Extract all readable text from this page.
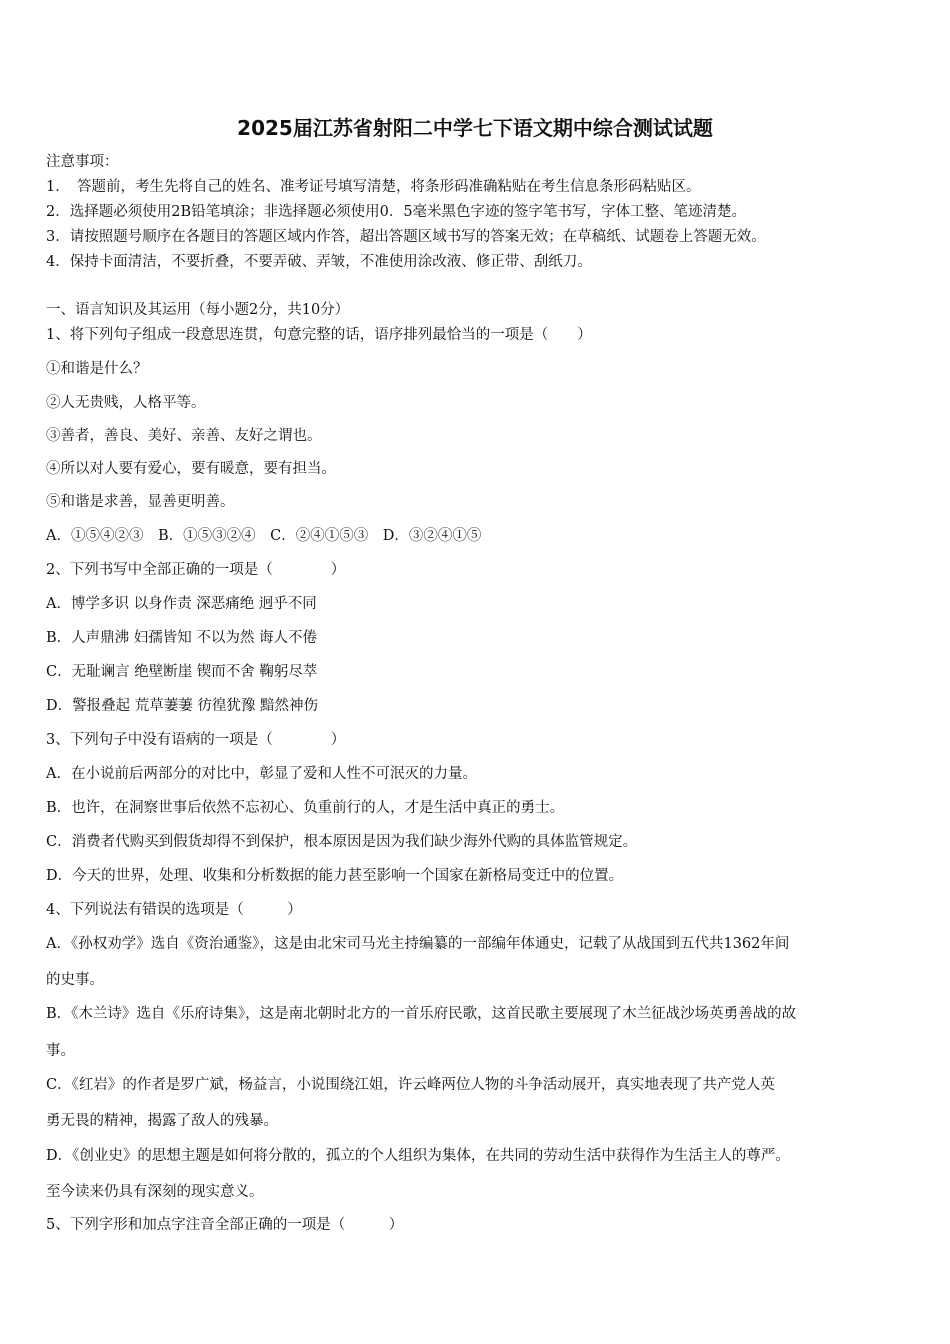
2025届江苏省射阳二中学七下语文期中综合测试试题
注意事项：
1．　答题前，考生先将自己的姓名、准考证号填写清楚，将条形码准确粘贴在考生信息条形码粘贴区。
2．选择题必须使用2B铅笔填涂；非选择题必须使用0．5毫米黑色字迹的签字笔书写，字体工整、笔迹清楚。
3．请按照题号顺序在各题目的答题区域内作答，超出答题区域书写的答案无效；在草稿纸、试题卷上答题无效。
4．保持卡面清洁，不要折叠，不要弄破、弄皱，不准使用涂改液、修正带、刮纸刀。
一、语言知识及其运用（每小题2分，共10分）
1、将下列句子组成一段意思连贯，句意完整的话，语序排列最恰当的一项是（　　）
①和谐是什么？
②人无贵贱，人格平等。
③善者，善良、美好、亲善、友好之谓也。
④所以对人要有爱心，要有暖意，要有担当。
⑤和谐是求善，显善更明善。
A．①⑤④②③　B．①⑤③②④　C．②④①⑤③　D．③②④①⑤
2、下列书写中全部正确的一项是（　　　　）
A．博学多识 以身作责 深恶痛绝 迥乎不同
B．人声鼎沸 妇孺皆知 不以为然 诲人不倦
C．无耻谰言 绝壁断崖 锲而不舍 鞠躬尽萃
D．警报叠起 荒草萋萋 彷徨犹豫 黯然神伤
3、下列句子中没有语病的一项是（　　　　）
A．在小说前后两部分的对比中，彰显了爱和人性不可泯灭的力量。
B．也许，在洞察世事后依然不忘初心、负重前行的人，才是生活中真正的勇士。
C．消费者代购买到假货却得不到保护，根本原因是因为我们缺少海外代购的具体监管规定。
D．今天的世界，处理、收集和分析数据的能力甚至影响一个国家在新格局变迁中的位置。
4、下列说法有错误的选项是（　　　）
A．《孙权劝学》选自《资治通鉴》，这是由北宋司马光主持编纂的一部编年体通史，记载了从战国到五代共1362年间
的史事。
B．《木兰诗》选自《乐府诗集》，这是南北朝时北方的一首乐府民歌，这首民歌主要展现了木兰征战沙场英勇善战的故
事。
C．《红岩》的作者是罗广斌，杨益言，小说围绕江姐，许云峰两位人物的斗争活动展开，真实地表现了共产党人英
勇无畏的精神，揭露了敌人的残暴。
D．《创业史》的思想主题是如何将分散的，孤立的个人组织为集体，在共同的劳动生活中获得作为生活主人的尊严。
至今读来仍具有深刻的现实意义。
5、下列字形和加点字注音全部正确的一项是（　　　）
